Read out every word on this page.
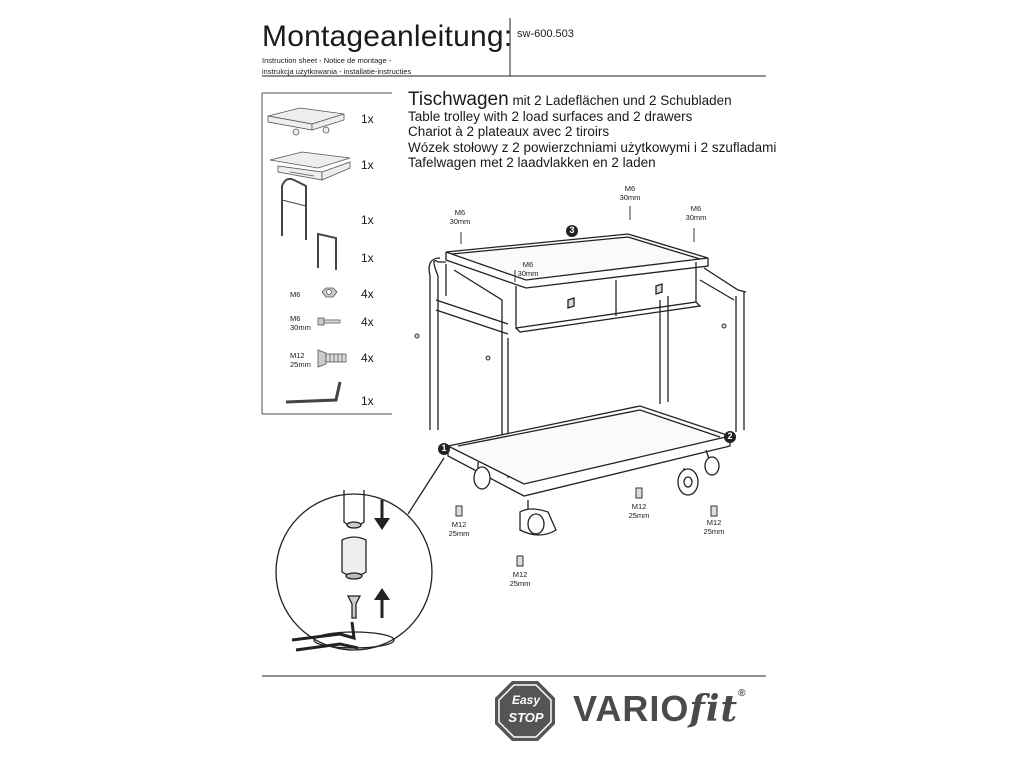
Montageanleitung: sw-600.503
Instruction sheet - Notice de montage -
instrukcja użytkowania - installatie-instructies
Tischwagen mit 2 Ladeflächen und 2 Schubladen
Table trolley with 2 load surfaces and 2 drawers
Chariot à 2 plateaux avec 2 tiroirs
Wózek stołowy z 2 powierzchniami użytkowymi i 2 szufladami
Tafelwagen met 2 laadvlakken en 2 laden
1
2
3
1x
1x
1x
1x
4x
4x
4x
1x
M6
M6
30mm
M12
25mm
M6
30mm
M6
30mm
M6
30mm
M6
30mm
M12
25mm
M12
25mm
M12
25mm
M12
25mm
Easy
STOP VARIOfit®
